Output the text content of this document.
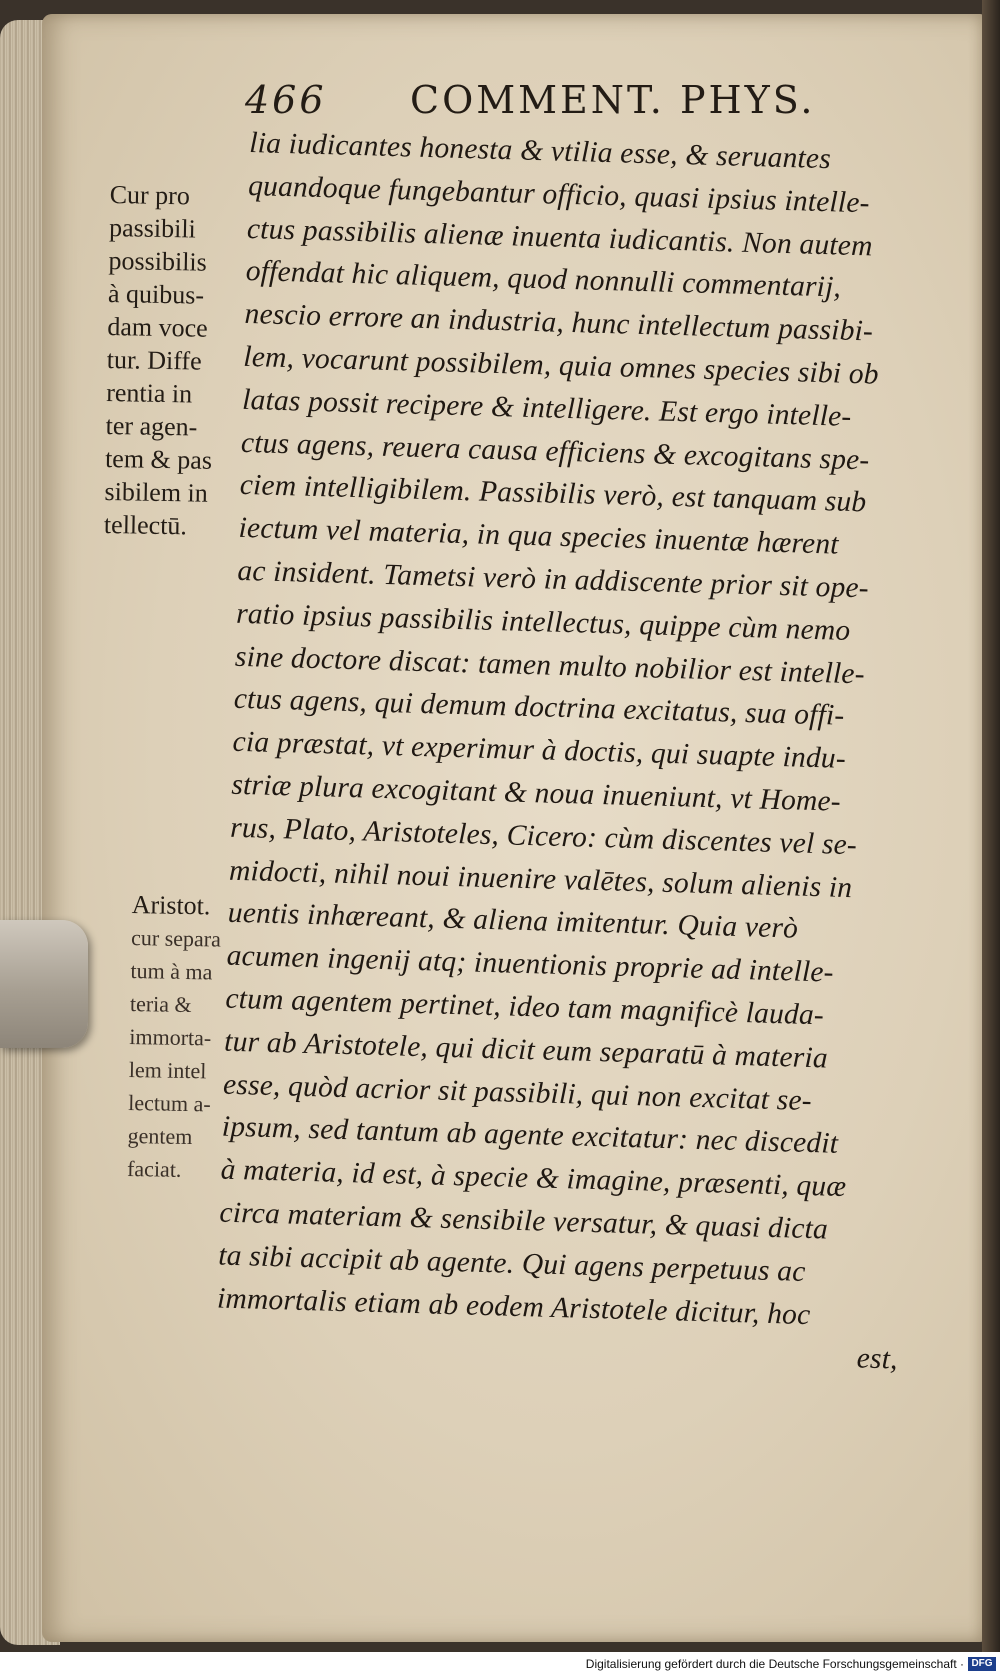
466 COMMENT. PHYS.
lia iudicantes honesta & vtilia esse, & seruantes
quandoque fungebantur officio, quasi ipsius intelle-
ctus passibilis alienæ inuenta iudicantis. Non autem
offendat hic aliquem, quod nonnulli commentarij,
nescio errore an industria, hunc intellectum passibi-
lem, vocarunt possibilem, quia omnes species sibi ob
latas possit recipere & intelligere. Est ergo intelle-
ctus agens, reuera causa efficiens & excogitans spe-
ciem intelligibilem. Passibilis verò, est tanquam sub
iectum vel materia, in qua species inuentæ hærent
ac insident. Tametsi verò in addiscente prior sit ope-
ratio ipsius passibilis intellectus, quippe cùm nemo
sine doctore discat: tamen multo nobilior est intelle-
ctus agens, qui demum doctrina excitatus, sua offi-
cia præstat, vt experimur à doctis, qui suapte indu-
striæ plura excogitant & noua inueniunt, vt Home-
rus, Plato, Aristoteles, Cicero: cùm discentes vel se-
midocti, nihil noui inuenire valētes, solum alienis in
uentis inhæreant, & aliena imitentur. Quia verò
acumen ingenij atq; inuentionis proprie ad intelle-
ctum agentem pertinet, ideo tam magnificè lauda-
tur ab Aristotele, qui dicit eum separatū à materia
esse, quòd acrior sit passibili, qui non excitat se-
ipsum, sed tantum ab agente excitatur: nec discedit
à materia, id est, à specie & imagine, præsenti, quæ
circa materiam & sensibile versatur, & quasi dicta
ta sibi accipit ab agente. Qui agens perpetuus ac
immortalis etiam ab eodem Aristotele dicitur, hoc
est,
Cur pro
passibili
possibilis
à quibus-
dam voce
tur. Diffe
rentia in
ter agen-
tem & pas
sibilem in
tellectū.
Aristot.
cur separa
tum à ma
teria &
immorta-
lem intel
lectum a-
gentem
faciat.
Digitalisierung gefördert durch die Deutsche Forschungsgemeinschaft · DFG
